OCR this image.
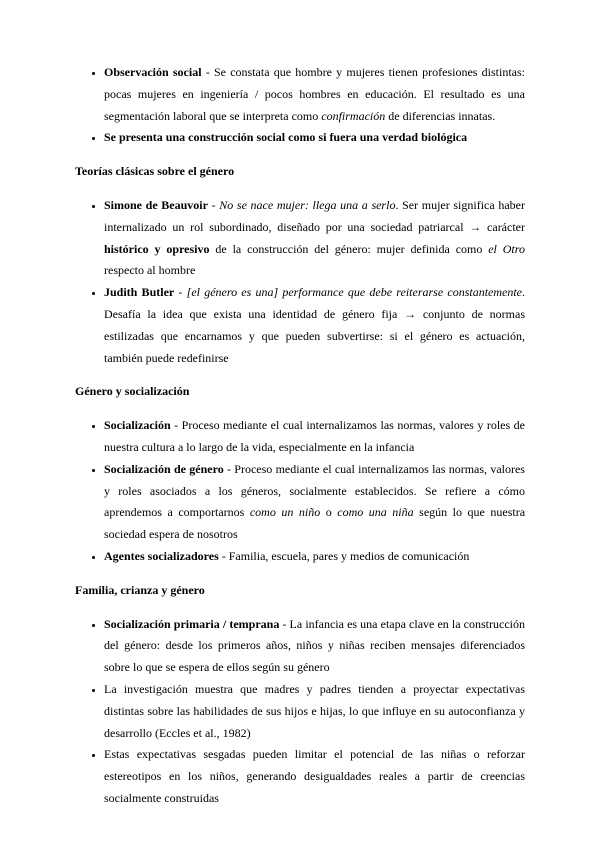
• Observación social - Se constata que hombre y mujeres tienen profesiones distintas: pocas mujeres en ingeniería / pocos hombres en educación. El resultado es una segmentación laboral que se interpreta como confirmación de diferencias innatas.
• Se presenta una construcción social como si fuera una verdad biológica
Teorías clásicas sobre el género
• Simone de Beauvoir - No se nace mujer: llega una a serlo. Ser mujer significa haber internalizado un rol subordinado, diseñado por una sociedad patriarcal → carácter histórico y opresivo de la construcción del género: mujer definida como el Otro respecto al hombre
• Judith Butler - [el género es una] performance que debe reiterarse constantemente. Desafía la idea que exista una identidad de género fija → conjunto de normas estilizadas que encarnamos y que pueden subvertirse: si el género es actuación, también puede redefinirse
Género y socialización
• Socialización - Proceso mediante el cual internalizamos las normas, valores y roles de nuestra cultura a lo largo de la vida, especialmente en la infancia
• Socialización de género - Proceso mediante el cual internalizamos las normas, valores y roles asociados a los géneros, socialmente establecidos. Se refiere a cómo aprendemos a comportarnos como un niño o como una niña según lo que nuestra sociedad espera de nosotros
• Agentes socializadores - Familia, escuela, pares y medios de comunicación
Familia, crianza y género
• Socialización primaria / temprana - La infancia es una etapa clave en la construcción del género: desde los primeros años, niños y niñas reciben mensajes diferenciados sobre lo que se espera de ellos según su género
• La investigación muestra que madres y padres tienden a proyectar expectativas distintas sobre las habilidades de sus hijos e hijas, lo que influye en su autoconfianza y desarrollo (Eccles et al., 1982)
• Estas expectativas sesgadas pueden limitar el potencial de las niñas o reforzar estereotipos en los niños, generando desigualdades reales a partir de creencias socialmente construidas
